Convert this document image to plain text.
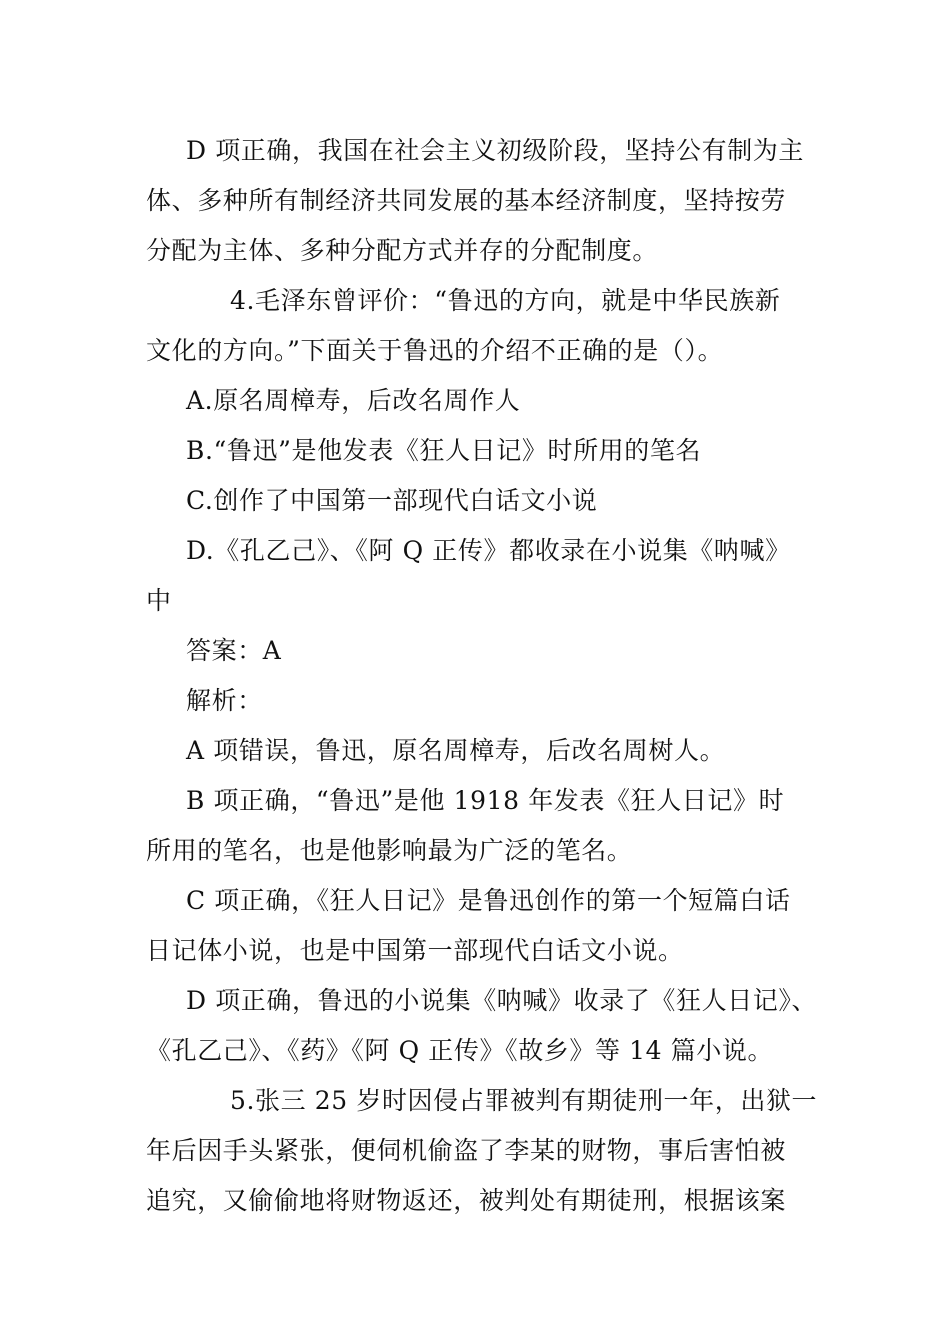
D 项正确，我国在社会主义初级阶段，坚持公有制为主
体、多种所有制经济共同发展的基本经济制度，坚持按劳
分配为主体、多种分配方式并存的分配制度。
4.毛泽东曾评价：“鲁迅的方向，就是中华民族新
文化的方向。”下面关于鲁迅的介绍不正确的是（）。
A.原名周樟寿，后改名周作人
B.“鲁迅”是他发表《狂人日记》时所用的笔名
C.创作了中国第一部现代白话文小说
D.《孔乙己》、《阿 Q 正传》都收录在小说集《呐喊》
中
答案：A
解析：
A 项错误，鲁迅，原名周樟寿，后改名周树人。
B 项正确，“鲁迅”是他 1918 年发表《狂人日记》时
所用的笔名，也是他影响最为广泛的笔名。
C 项正确，《狂人日记》是鲁迅创作的第一个短篇白话
日记体小说，也是中国第一部现代白话文小说。
D 项正确，鲁迅的小说集《呐喊》收录了《狂人日记》、
《孔乙己》、《药》《阿 Q 正传》《故乡》等 14 篇小说。
5.张三 25 岁时因侵占罪被判有期徒刑一年，出狱一
年后因手头紧张，便伺机偷盗了李某的财物，事后害怕被
追究，又偷偷地将财物返还，被判处有期徒刑，根据该案
